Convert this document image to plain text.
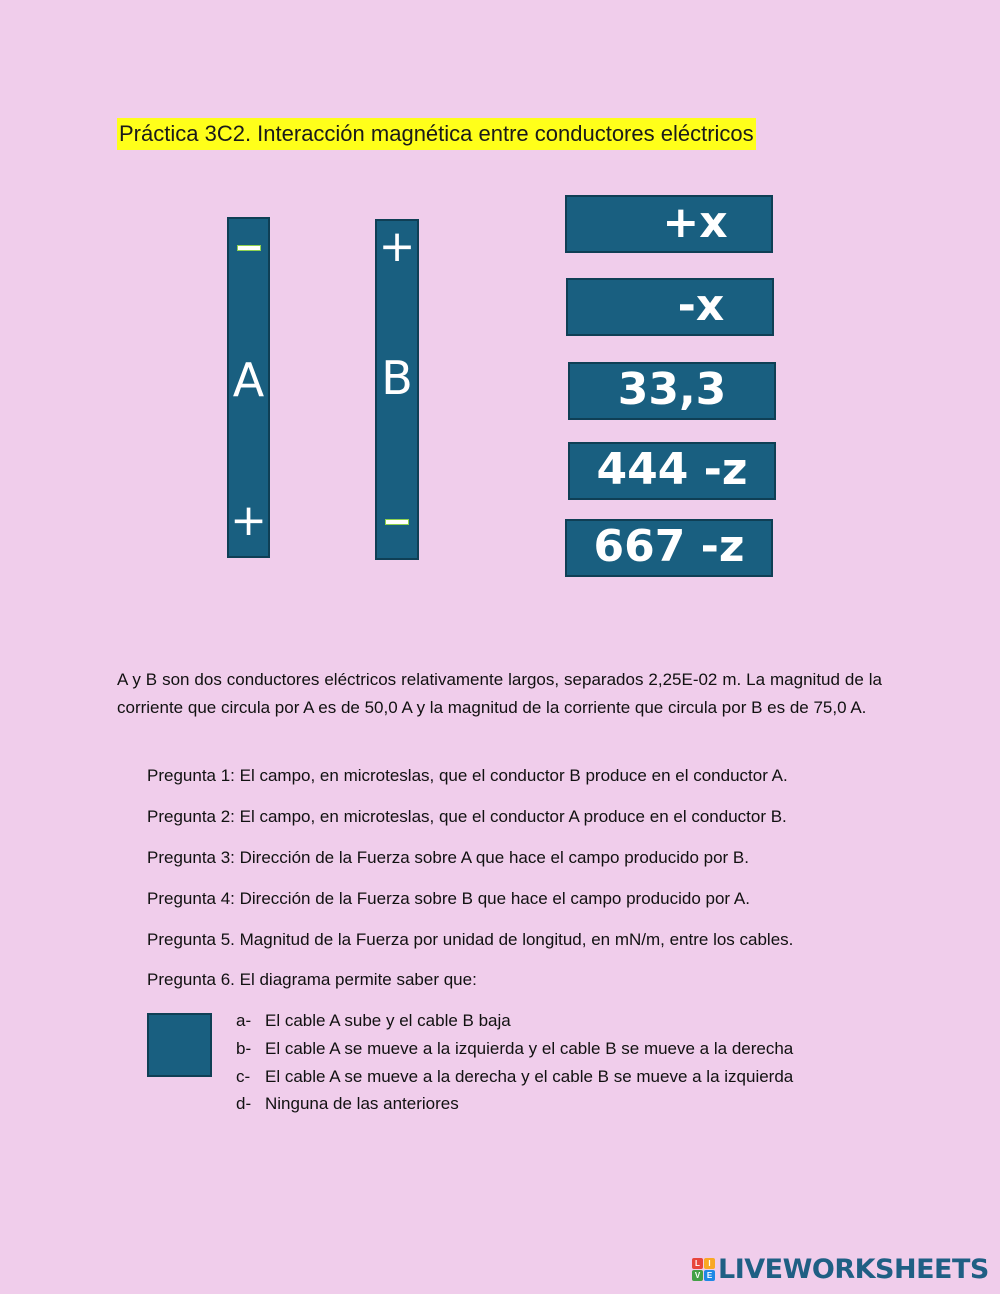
Práctica 3C2. Interacción magnética entre conductores eléctricos
A
+
+
B
+x
-x
33,3
444 -z
667 -z

A y B son dos conductores eléctricos relativamente largos, separados 2,25E-02 m. La magnitud de la corriente que circula por A es de 50,0 A y la magnitud de la corriente que circula por B es de 75,0 A.

Pregunta 1: El campo, en microteslas, que el conductor B produce en el conductor A.

Pregunta 2: El campo, en microteslas, que el conductor A produce en el conductor B.

Pregunta 3: Dirección de la Fuerza sobre A que hace el campo producido por B.

Pregunta 4: Dirección de la Fuerza sobre B que hace el campo producido por A.

Pregunta 5. Magnitud de la Fuerza por unidad de longitud, en mN/m, entre los cables.

Pregunta 6. El diagrama permite saber que:

a- El cable A sube y el cable B baja
b- El cable A se mueve a la izquierda y el cable B se mueve a la derecha
c- El cable A se mueve a la derecha y el cable B se mueve a la izquierda
d- Ninguna de las anteriores
L	I
V E LIVEWORKSHEETS
